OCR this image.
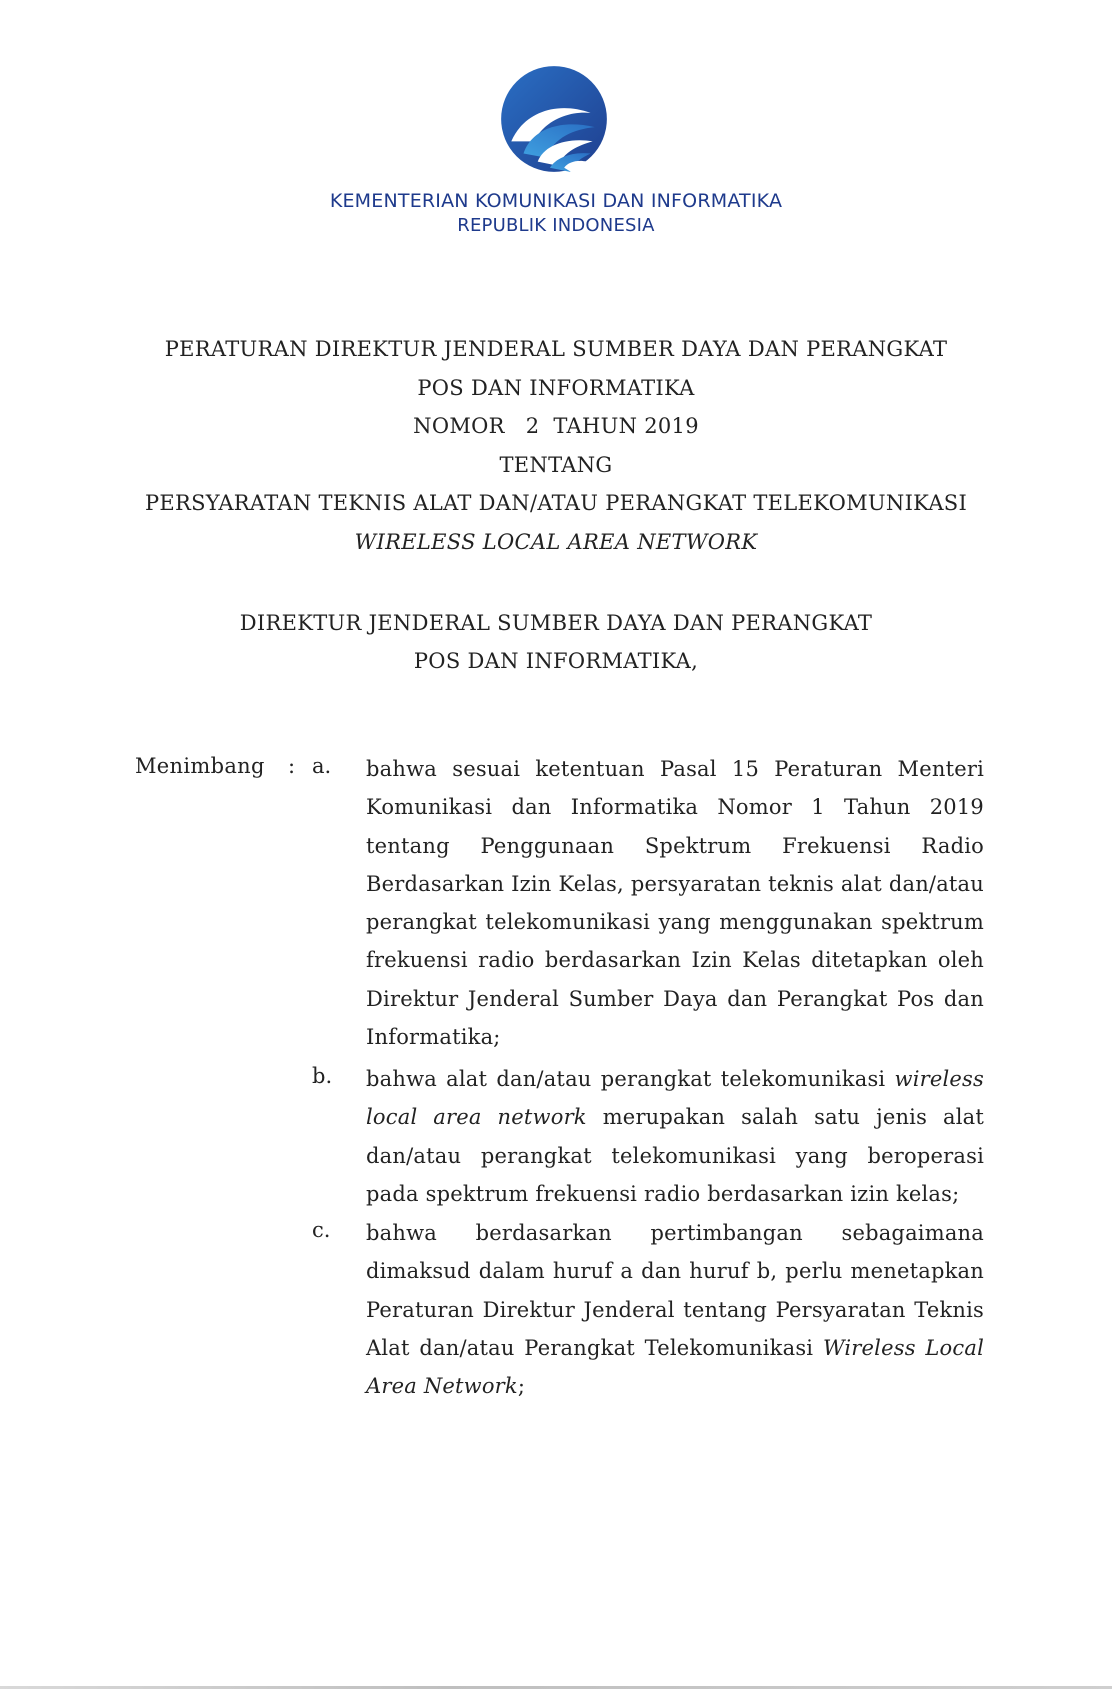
KEMENTERIAN KOMUNIKASI DAN INFORMATIKA
REPUBLIK INDONESIA
PERATURAN DIREKTUR JENDERAL SUMBER DAYA DAN PERANGKAT
POS DAN INFORMATIKA
NOMOR 2 TAHUN 2019
TENTANG
PERSYARATAN TEKNIS ALAT DAN/ATAU PERANGKAT TELEKOMUNIKASI
WIRELESS LOCAL AREA NETWORK
DIREKTUR JENDERAL SUMBER DAYA DAN PERANGKAT
POS DAN INFORMATIKA,
Menimbang : a. bahwa sesuai ketentuan Pasal 15 Peraturan Menteri
Komunikasi dan Informatika Nomor 1 Tahun 2019
tentang Penggunaan Spektrum Frekuensi Radio
Berdasarkan Izin Kelas, persyaratan teknis alat dan/atau
perangkat telekomunikasi yang menggunakan spektrum
frekuensi radio berdasarkan Izin Kelas ditetapkan oleh
Direktur Jenderal Sumber Daya dan Perangkat Pos dan
Informatika;
b. bahwa alat dan/atau perangkat telekomunikasi wireless
local area network merupakan salah satu jenis alat
dan/atau perangkat telekomunikasi yang beroperasi
pada spektrum frekuensi radio berdasarkan izin kelas;
c. bahwa berdasarkan pertimbangan sebagaimana
dimaksud dalam huruf a dan huruf b, perlu menetapkan
Peraturan Direktur Jenderal tentang Persyaratan Teknis
Alat dan/atau Perangkat Telekomunikasi Wireless Local
Area Network;
